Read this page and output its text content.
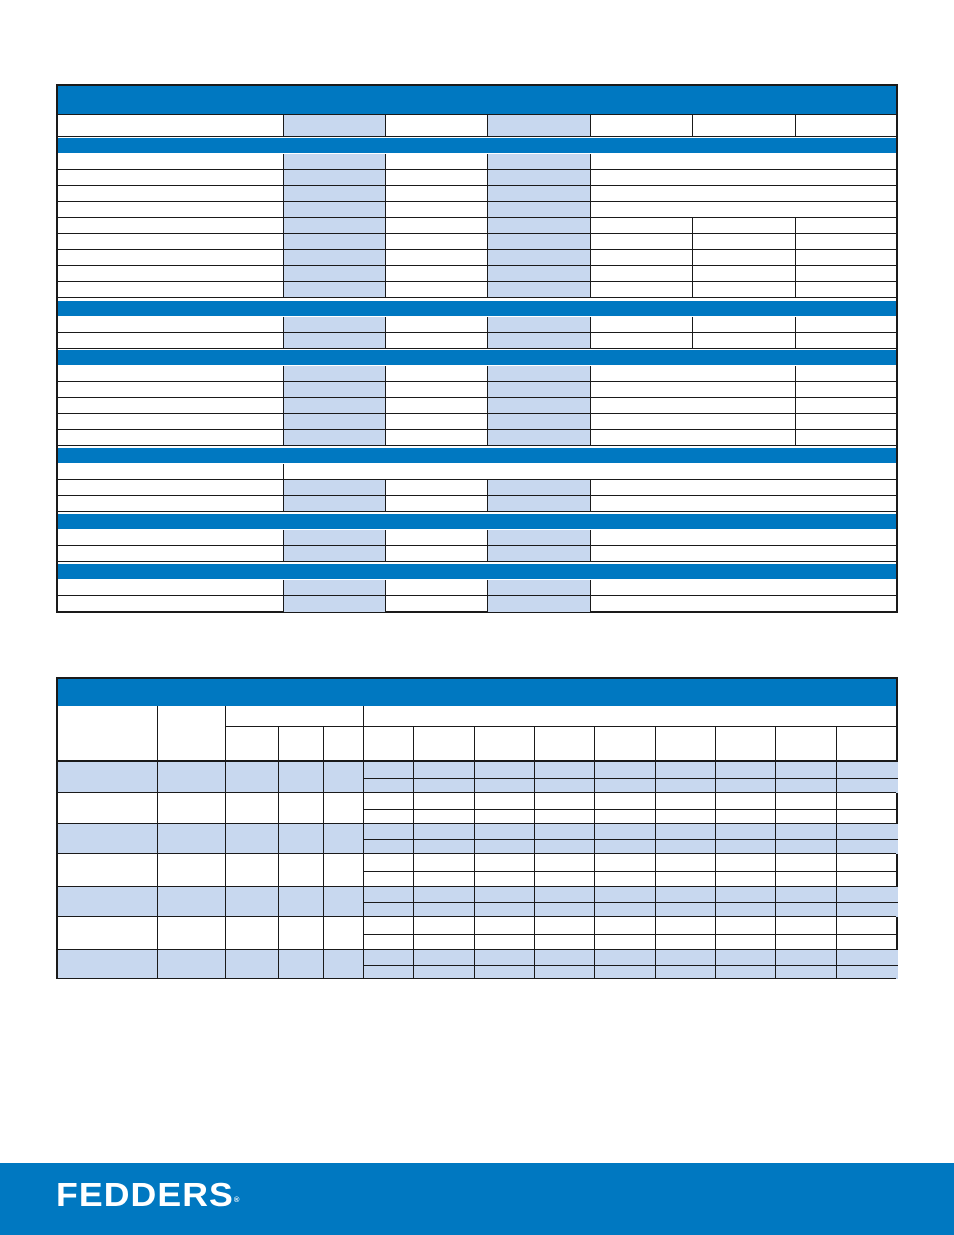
FEDDERS®
